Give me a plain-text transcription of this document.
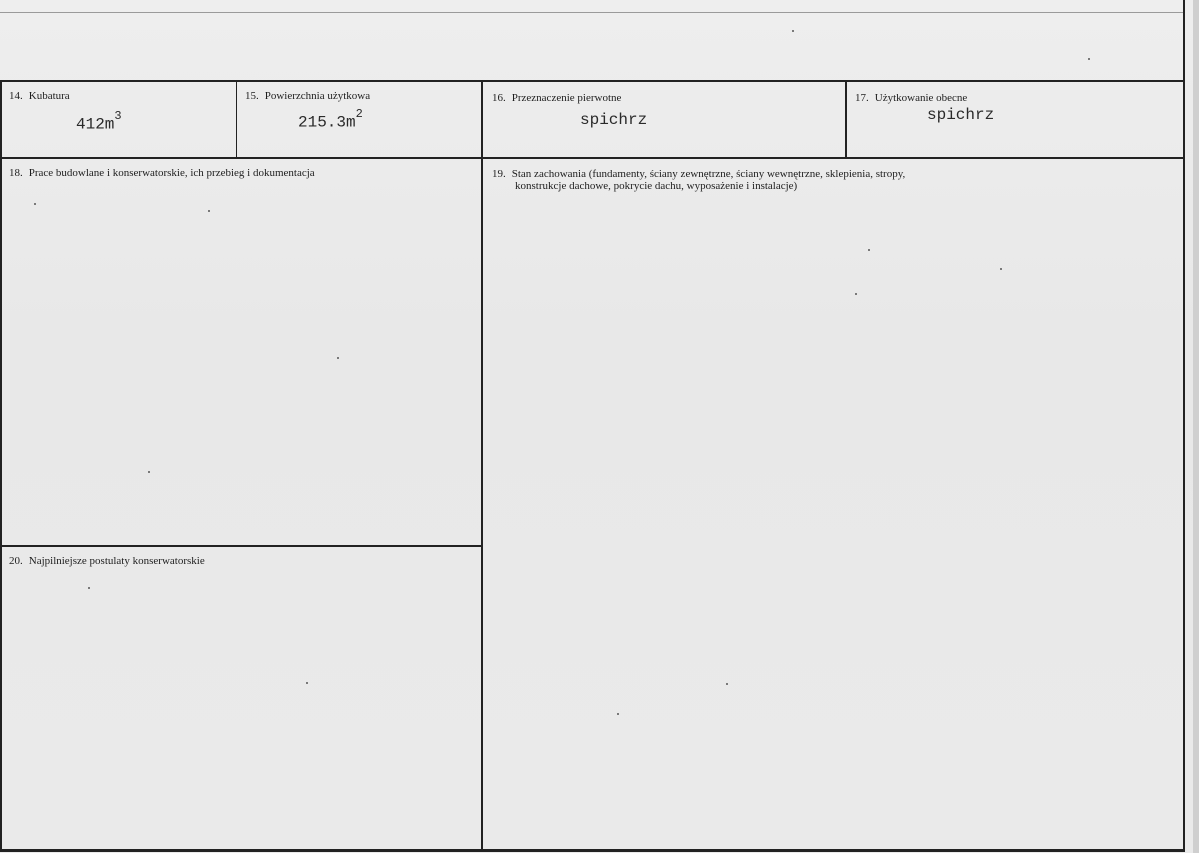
14. Kubatura
$412m^3$
15. Powierzchnia użytkowa
$215.3m^2$
16. Przeznaczenie pierwotne
spichrz
17. Użytkowanie obecne
spichrz
18. Prace budowlane i konserwatorskie, ich przebieg i dokumentacja	19. Stan zachowania (fundamenty, ściany zewnętrzne, ściany wewnętrzne, sklepienia, stropy,
konstrukcje dachowe, pokrycie dachu, wyposażenie i instalacje)
20. Najpilniejsze postulaty konserwatorskie
